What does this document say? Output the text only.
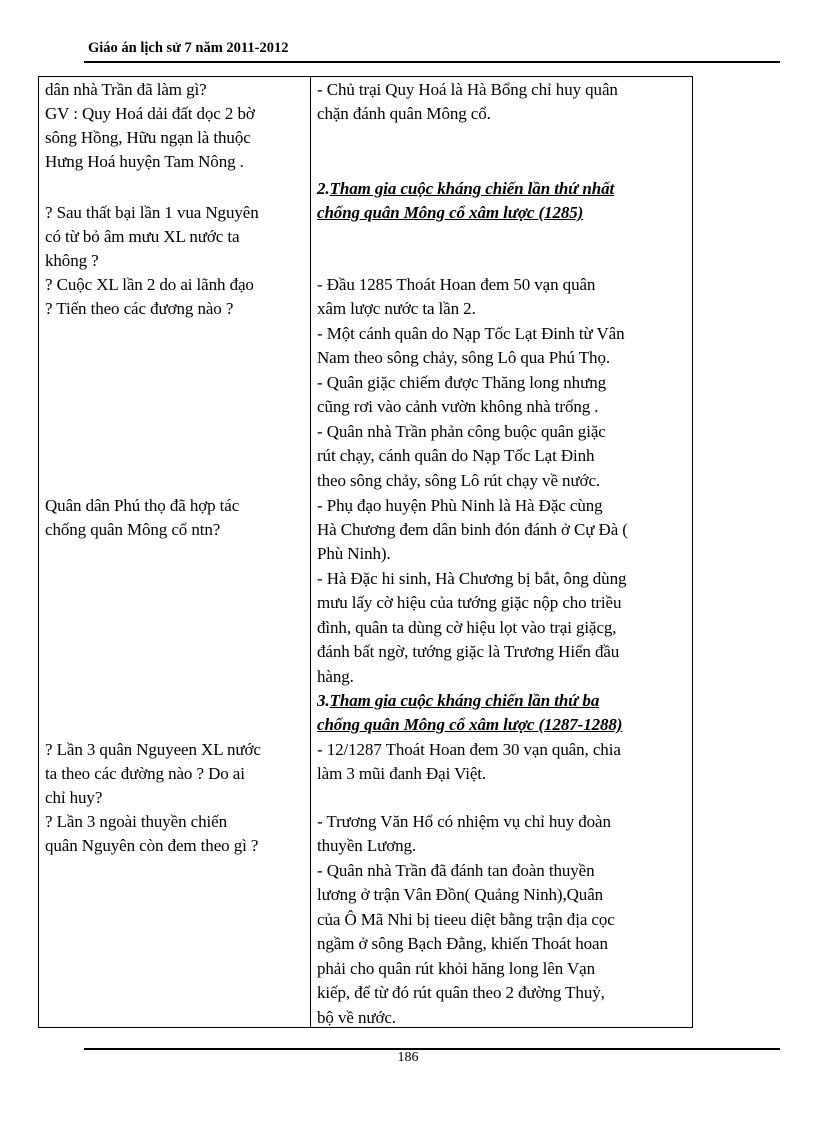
Giáo án lịch sử 7 năm 2011-2012
dân nhà Trần đã làm gì?
GV : Quy Hoá dải đất dọc 2 bờ
sông Hồng, Hữu ngạn là thuộc
Hưng Hoá huyện Tam Nông .
? Sau thất bại lần 1 vua Nguyên
có từ bỏ âm mưu XL nước ta
không ?
? Cuộc XL lần 2 do ai lãnh đạo
? Tiến theo các đương nào ?
Quân dân Phú thọ đã hợp tác
chống quân Mông cổ ntn?
? Lần 3 quân Nguyeen XL nước
ta theo các đường nào ? Do ai
chỉ huy?
? Lần 3 ngoài thuyền chiến
quân Nguyên còn đem theo gì ?
- Chủ trại Quy Hoá là Hà Bổng chỉ huy quân
chặn đánh quân Mông cổ.
2.Tham gia cuộc kháng chiến lần thứ nhất
chống quân Mông cổ xâm lược (1285)
- Đầu 1285 Thoát Hoan đem 50 vạn quân
xâm lược nước ta lần 2.
- Một cánh quân do Nạp Tốc Lạt Đinh từ Vân
Nam theo sông chảy, sông Lô qua Phú Thọ.
- Quân giặc chiếm được Thăng long nhưng
cũng rơi vào cảnh vườn không nhà trống .
- Quân nhà Trần phản công buộc quân giặc
rút chạy, cánh quân do Nạp Tốc Lạt Đinh
theo sông chảy, sông Lô rút chạy về nước.
- Phụ đạo huyện Phù Ninh là Hà Đặc cùng
Hà Chương đem dân binh đón đánh ở Cự Đà (
Phù Ninh).
- Hà Đặc hi sinh, Hà Chương bị bắt, ông dùng
mưu lấy cờ hiệu của tướng giặc nộp cho triều
đình, quân ta dùng cờ hiệu lọt vào trại giặcg,
đánh bất ngờ, tướng giặc là Trương Hiển đầu
hàng.
3.Tham gia cuộc kháng chiến lần thứ ba
chống quân Mông cổ xâm lược (1287-1288)
- 12/1287 Thoát Hoan đem 30 vạn quân, chia
làm 3 mũi đanh Đại Việt.
- Trương Văn Hổ có nhiệm vụ chỉ huy đoàn
thuyền Lương.
- Quân nhà Trần đã đánh tan đoàn thuyền
lương ở trận Vân Đồn( Quảng Ninh),Quân
của Ô Mã Nhi bị tieeu diệt bằng trận địa cọc
ngầm ở sông Bạch Đằng, khiến Thoát hoan
phải cho quân rút khỏi hăng long lên Vạn
kiếp, để từ đó rút quân theo 2 đường Thuỷ,
bộ về nước.
186
